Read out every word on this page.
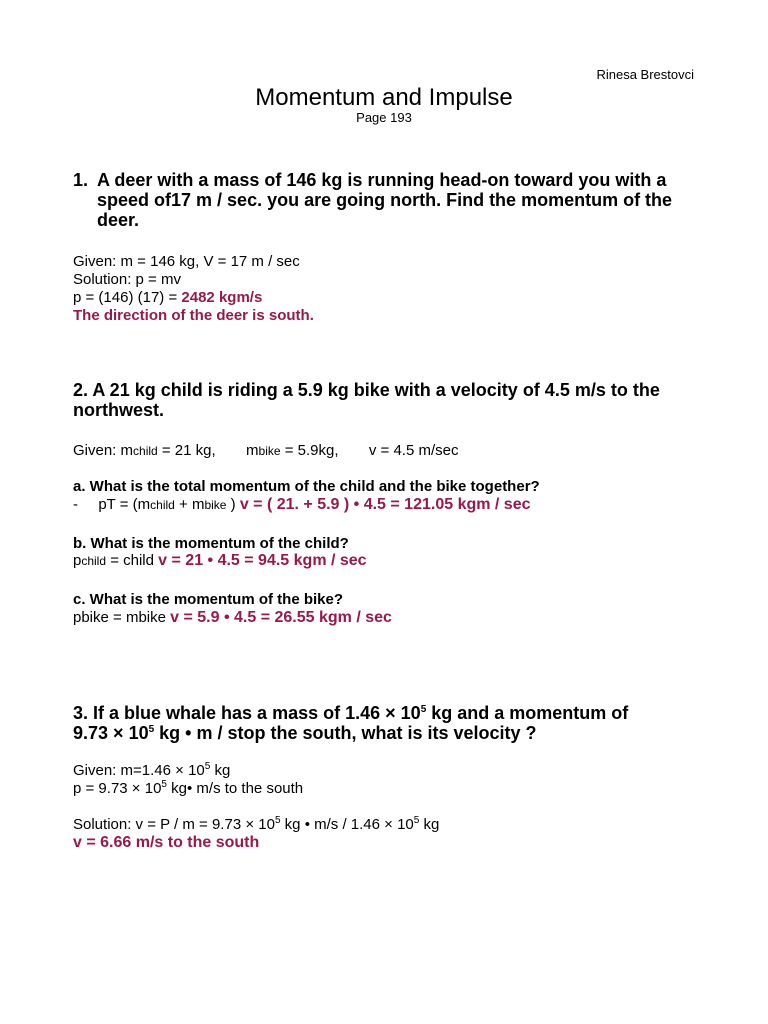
Rinesa Brestovci
Momentum and Impulse
Page 193
1. A deer with a mass of 146 kg is running head-on toward you with a speed of17 m / sec. you are going north. Find the momentum of the deer.
Given: m = 146 kg, V = 17 m / sec
Solution: p = mv
p = (146) (17) = 2482 kgm/s
The direction of the deer is south.
2. A 21 kg child is riding a 5.9 kg bike with a velocity of 4.5 m/s to the northwest.
Given: mchild = 21 kg, mbike = 5.9kg, v = 4.5 m/sec
a. What is the total momentum of the child and the bike together?
- pT = (mchild + mbike ) v = ( 21. + 5.9 ) • 4.5 = 121.05 kgm / sec
b. What is the momentum of the child?
pchild = child v = 21 • 4.5 = 94.5 kgm / sec
c. What is the momentum of the bike?
pbike = mbike v = 5.9 • 4.5 = 26.55 kgm / sec
3. If a blue whale has a mass of $1.46 \times 10^5$ kg and a momentum of
$9.73 \times 10^5$ kg • m / stop the south, what is its velocity ?
Given: $m=1.46 \times 10^5$ kg
$p = 9.73 \times 10^5$ kg• m/s to the south
Solution: $v = P / m = 9.73 \times 10^5$ kg • $m/s / 1.46 \times 10^5$ kg
v = 6.66 m/s to the south
